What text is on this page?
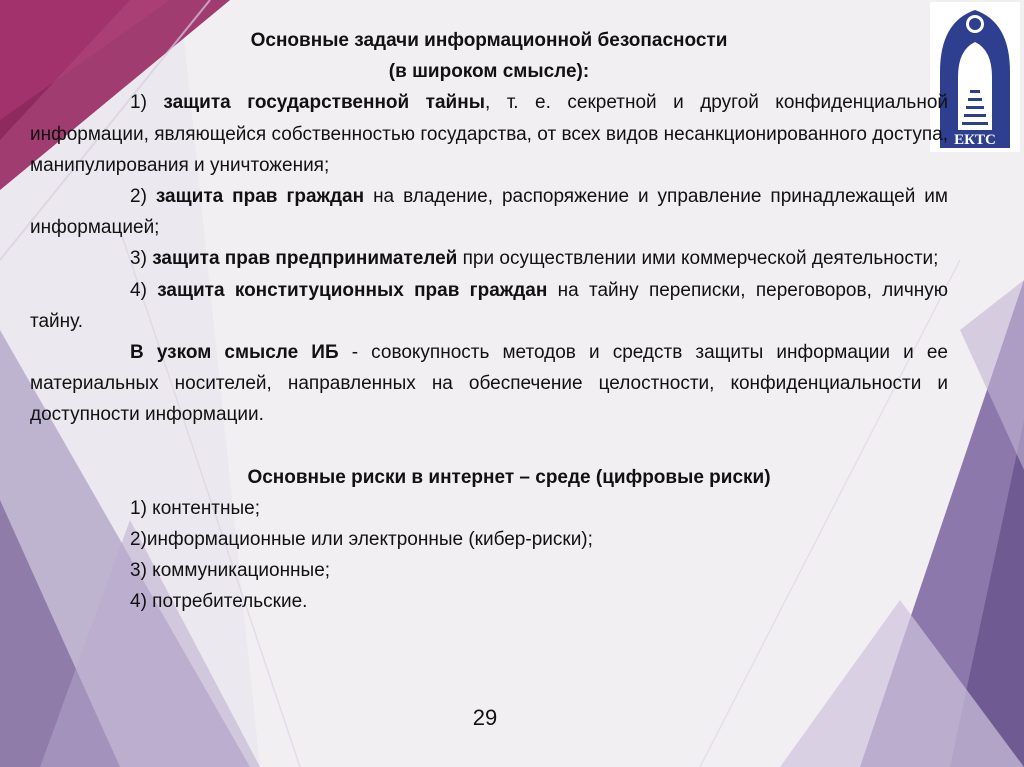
ЕКТС
Основные задачи информационной безопасности
(в широком смысле):

1) защита государственной тайны, т. е. секретной и другой конфиденциальной информации, являющейся собственностью государства, от всех видов несанкционированного доступа, манипулирования и уничтожения;

2) защита прав граждан на владение, распоряжение и управление принадлежащей им информацией;

3) защита прав предпринимателей при осуществлении ими коммерческой деятельности;

4) защита конституционных прав граждан на тайну переписки, переговоров, личную тайну.

В узком смысле ИБ - совокупность методов и средств защиты информации и ее материальных носителей, направленных на обеспечение целостности, конфиденциальности и доступности информации.

Основные риски в интернет – среде (цифровые риски)

1) контентные;

2)информационные или электронные (кибер-риски);

3) коммуникационные;

4) потребительские.

29
